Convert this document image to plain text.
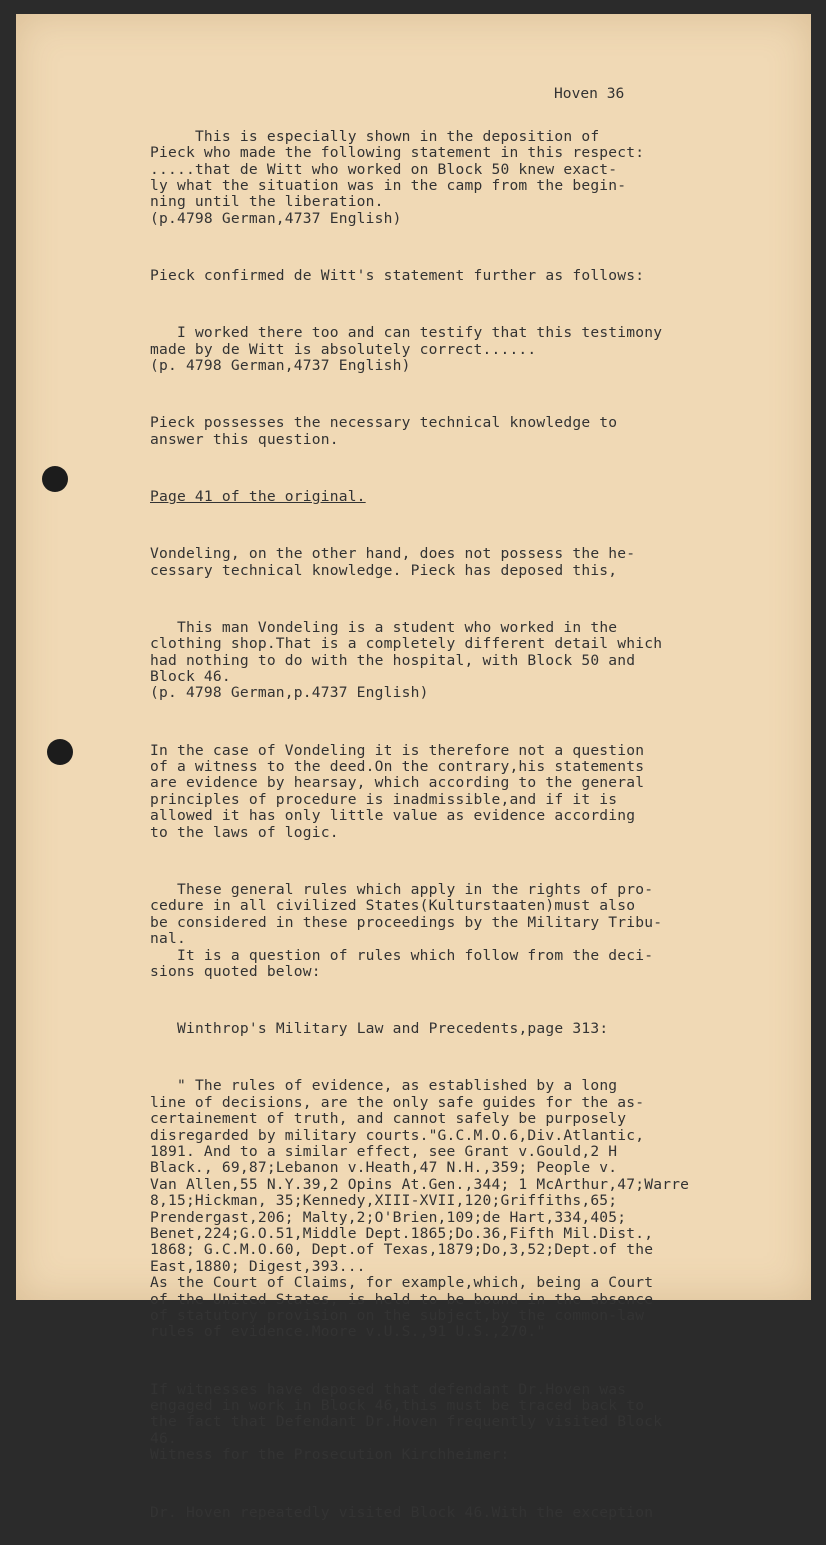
Hoven 36

This is especially shown in the deposition of
Pieck who made the following statement in this respect:
.....that de Witt who worked on Block 50 knew exact-
ly what the situation was in the camp from the begin-
ning until the liberation.
(p.4798 German,4737 English)

Pieck confirmed de Witt's statement further as follows:

I worked there too and can testify that this testimony
made by de Witt is absolutely correct......
(p. 4798 German,4737 English)

Pieck possesses the necessary technical knowledge to
answer this question.

Page 41 of the original.

Vondeling, on the other hand, does not possess the he-
cessary technical knowledge. Pieck has deposed this,

This man Vondeling is a student who worked in the
clothing shop.That is a completely different detail which
had nothing to do with the hospital, with Block 50 and
Block 46.
(p. 4798 German,p.4737 English)

In the case of Vondeling it is therefore not a question
of a witness to the deed.On the contrary,his statements
are evidence by hearsay, which according to the general
principles of procedure is inadmissible,and if it is
allowed it has only little value as evidence according
to the laws of logic.

These general rules which apply in the rights of pro-
cedure in all civilized States(Kulturstaaten)must also
be considered in these proceedings by the Military Tribu-
nal.
It is a question of rules which follow from the deci-
sions quoted below:

Winthrop's Military Law and Precedents,page 313:

" The rules of evidence, as established by a long
line of decisions, are the only safe guides for the as-
certainement of truth, and cannot safely be purposely
disregarded by military courts."G.C.M.O.6,Div.Atlantic,
1891. And to a similar effect, see Grant v.Gould,2 H
Black., 69,87;Lebanon v.Heath,47 N.H.,359; People v.
Van Allen,55 N.Y.39,2 Opins At.Gen.,344; 1 McArthur,47;Warre
8,15;Hickman, 35;Kennedy,XIII-XVII,120;Griffiths,65;
Prendergast,206; Malty,2;O'Brien,109;de Hart,334,405;
Benet,224;G.O.51,Middle Dept.1865;Do.36,Fifth Mil.Dist.,
1868; G.C.M.O.60, Dept.of Texas,1879;Do,3,52;Dept.of the
East,1880; Digest,393...
As the Court of Claims, for example,which, being a Court
of the United States, is held to be bound in the absence
of statutory provision on the subject,by the common-law
rules of evidence.Moore v.U.S.,91 U.S.,270."

If witnesses have deposed that defendant Dr.Hoven was
engaged in work in Block 46,this must be traced back to
the fact that Defendant Dr.Hoven frequently visited Block
46.
Witness for the Prosecution Kirchheimer:

Dr. Hoven repeatedly visited Block 46.With the exception
